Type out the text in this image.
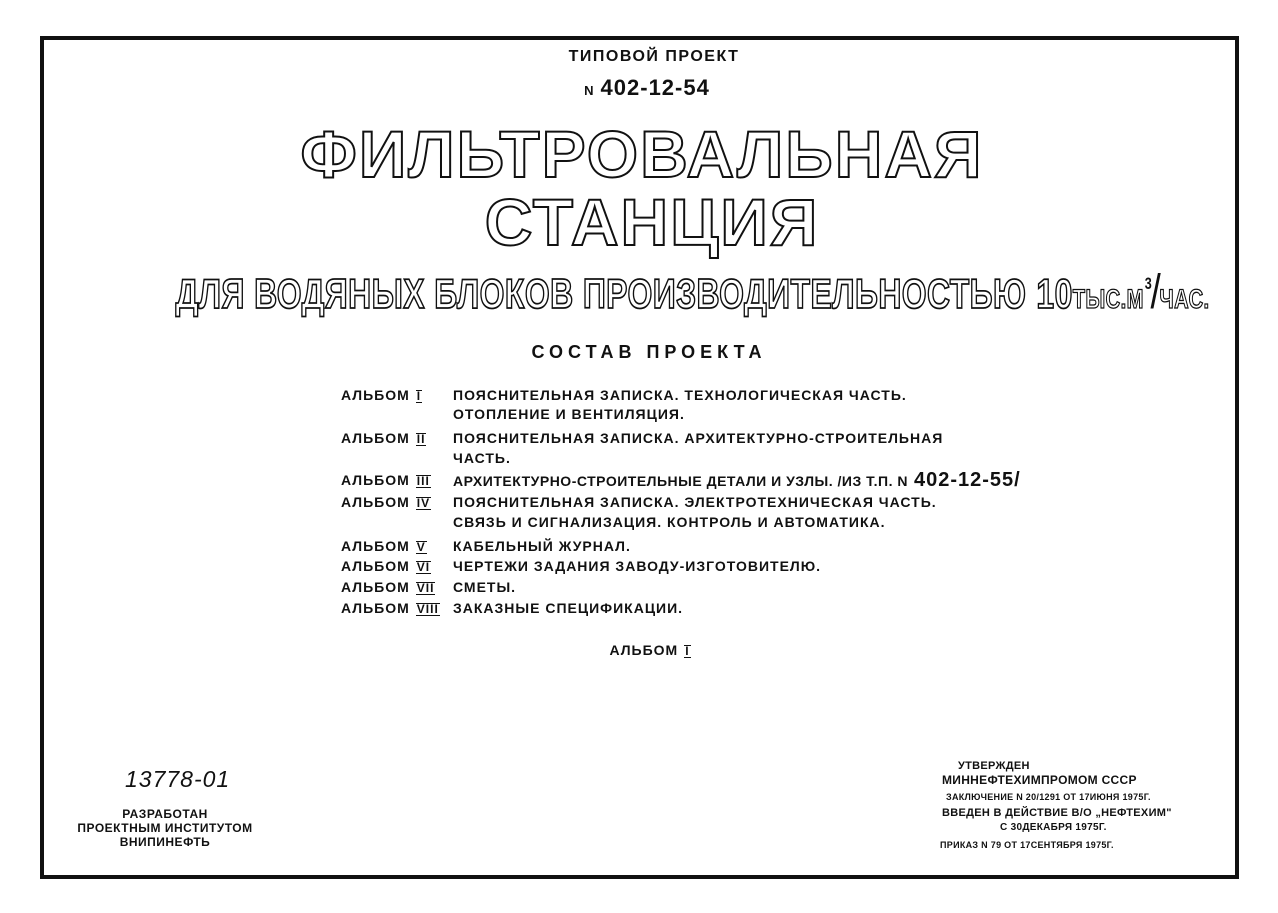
ТИПОВОЙ ПРОЕКТ
N 402-12-54
ФИЛЬТРОВАЛЬНАЯ
СТАНЦИЯ
ДЛЯ ВОДЯНЫХ БЛОКОВ ПРОИЗВОДИТЕЛЬНОСТЬЮ $10ТЫС.М^3$/ЧАС.
СОСТАВ ПРОЕКТА
АЛЬБОМ I ПОЯСНИТЕЛЬНАЯ ЗАПИСКА. ТЕХНОЛОГИЧЕСКАЯ ЧАСТЬ.
ОТОПЛЕНИЕ И ВЕНТИЛЯЦИЯ.
АЛЬБОМ II ПОЯСНИТЕЛЬНАЯ ЗАПИСКА. АРХИТЕКТУРНО-СТРОИТЕЛЬНАЯ
ЧАСТЬ.
АЛЬБОМ III АРХИТЕКТУРНО-СТРОИТЕЛЬНЫЕ ДЕТАЛИ И УЗЛЫ. /ИЗ Т.П. N 402-12-55/
АЛЬБОМ IV ПОЯСНИТЕЛЬНАЯ ЗАПИСКА. ЭЛЕКТРОТЕХНИЧЕСКАЯ ЧАСТЬ.
СВЯЗЬ И СИГНАЛИЗАЦИЯ. КОНТРОЛЬ И АВТОМАТИКА.
АЛЬБОМ V КАБЕЛЬНЫЙ ЖУРНАЛ.
АЛЬБОМ VI ЧЕРТЕЖИ ЗАДАНИЯ ЗАВОДУ-ИЗГОТОВИТЕЛЮ.
АЛЬБОМ VII СМЕТЫ.
АЛЬБОМ VIII ЗАКАЗНЫЕ СПЕЦИФИКАЦИИ.
АЛЬБОМ I
13778-01
РАЗРАБОТАН
ПРОЕКТНЫМ ИНСТИТУТОМ
ВНИПИНЕФТЬ
УТВЕРЖДЕН
МИННЕФТЕХИМПРОМОМ СССР
ЗАКЛЮЧЕНИЕ N 20/1291 ОТ 17ИЮНЯ 1975Г.
ВВЕДЕН В ДЕЙСТВИЕ В/О „НЕФТЕХИМ"
С 30ДЕКАБРЯ 1975Г.
ПРИКАЗ N 79 ОТ 17СЕНТЯБРЯ 1975Г.
